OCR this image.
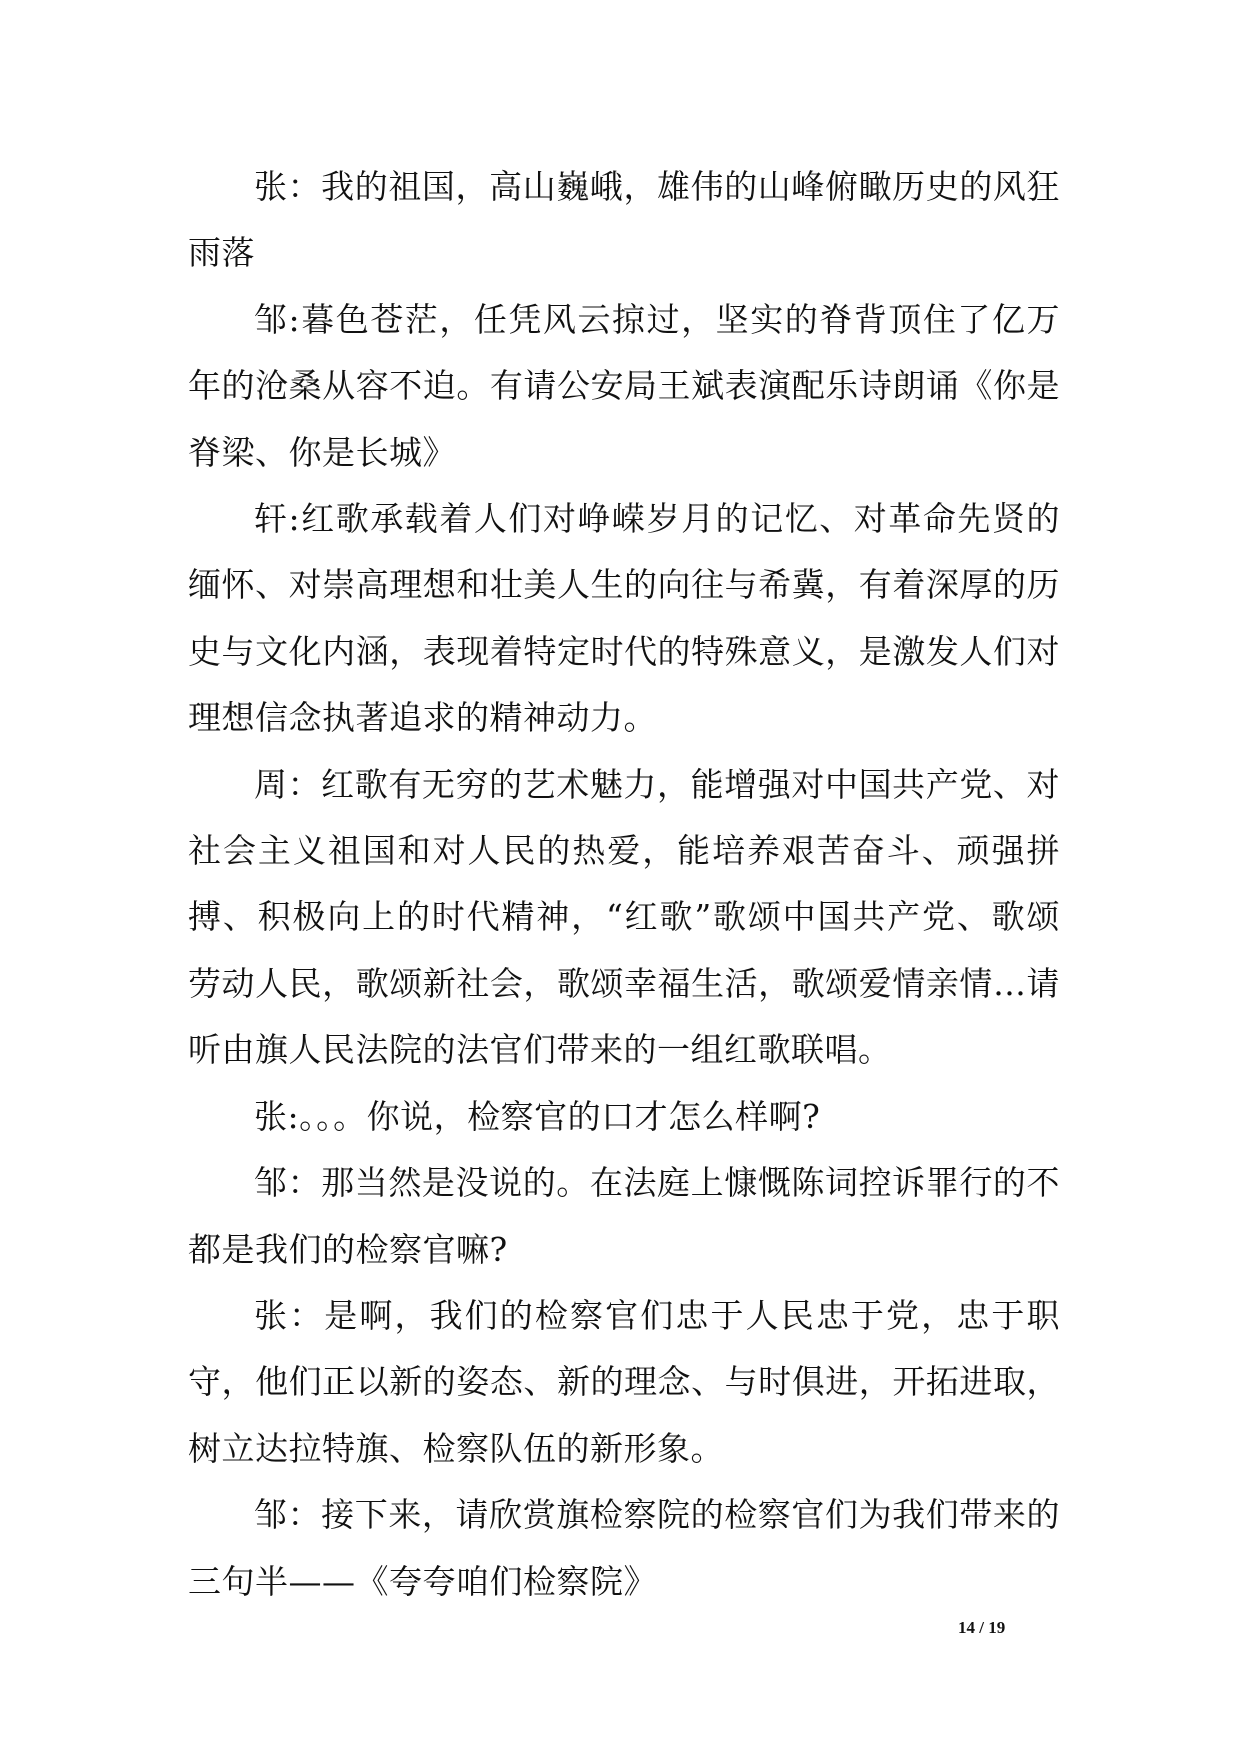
张：我的祖国，高山巍峨，雄伟的山峰俯瞰历史的风狂雨落

邹:暮色苍茫，任凭风云掠过，坚实的脊背顶住了亿万年的沧桑从容不迫。有请公安局王斌表演配乐诗朗诵《你是脊梁、你是长城》

轩:红歌承载着人们对峥嵘岁月的记忆、对革命先贤的缅怀、对崇高理想和壮美人生的向往与希冀，有着深厚的历史与文化内涵，表现着特定时代的特殊意义，是激发人们对理想信念执著追求的精神动力。

周：红歌有无穷的艺术魅力，能增强对中国共产党、对社会主义祖国和对人民的热爱，能培养艰苦奋斗、顽强拼搏、积极向上的时代精神，“红歌”歌颂中国共产党、歌颂劳动人民，歌颂新社会，歌颂幸福生活，歌颂爱情亲情…请听由旗人民法院的法官们带来的一组红歌联唱。

张:。。。你说，检察官的口才怎么样啊?

邹：那当然是没说的。在法庭上慷慨陈词控诉罪行的不都是我们的检察官嘛?

张：是啊，我们的检察官们忠于人民忠于党，忠于职守，他们正以新的姿态、新的理念、与时俱进，开拓进取，树立达拉特旗、检察队伍的新形象。

邹：接下来，请欣赏旗检察院的检察官们为我们带来的三句半——《夸夸咱们检察院》

14 / 19
